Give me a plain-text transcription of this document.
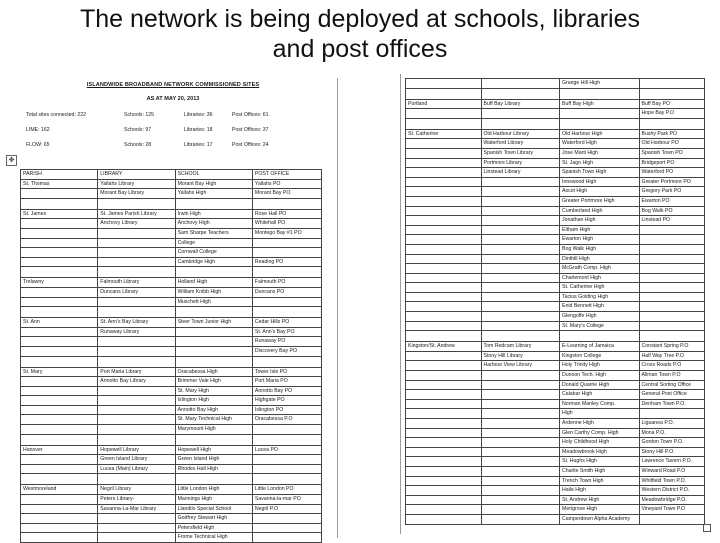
The network is being deployed at schools, libraries
and post offices
ISLANDWIDE BROADBAND NETWORK COMMISSIONED SITES
AS AT MAY 20, 2013
Total sites connected: 222	Schools: 125	Libraries: 36	Post Offices: 61
LIME: 162	Schools: 97	Libraries: 18	Post Offices: 37
FLOW: 65	Schools: 28	Libraries: 17	Post Offices: 24
PARISH	LIBRARY	SCHOOL	POST OFFICE
St. Thomas	Yallahs Library	Morant Bay High	Yallahs PO
	Morant Bay Library	Yallahs High	Morant Bay PO

St. James	St. James Parish Library	Irwin High	Rose Hall PO
	Anchovy Library	Anchovy High	Whitehall PO
		Sam Sharpe Teachers	Montego Bay #1 PO
		College	
		Cornwall College	
		Cambridge High	Reading PO

Trelawny	Falmouth Library	Holland High	Falmouth PO
	Duncans Library	William Knibb High	Duncans PO
		Muschett High	

St. Ann	St. Ann's Bay Library	Steer Town Junior High	Cedar Hills PO
	Runaway Library		St. Ann's Bay PO
			Runaway PO
			Discovery Bay PO

St. Mary	Port Maria Library	Oracabessa High	Tower Isle PO
	Annotto Bay Library	Brimmer Vale High	Port Maria PO
		St. Mary High	Annotto Bay PO
		Islington High	Highgate PO
		Annotto Bay High	Islington PO
		St. Mary Technical High	Oracabessa P.O
		Marymount High	

Hanover	Hopewell Library	Hopewell High	Lucea PO
	Green Island Library	Green Island High	
	Lucea (Main) Library	Rhodes Hall High	

Westmoreland	Negril Library	Little London High	Little London PO
	Peters Library-	Mannings High	Savanna-la-mar PO
	Savanna-La-Mar Library	Llandilo Special School	Negril P.O
		Godfrey Stewart High	
		Petersfield High	
		Frome Technical High	
✥
		Grange Hill High	

Portland	Buff Bay Library	Buff Bay High	Buff Bay PO
			Hope Bay P.O

St. Catherine	Old Harbour Library	Old Harbour High	Bushy Park PO
	Waterford Library	Waterford High	Old Harbour PO
	Spanish Town Library	Jose Marti High	Spanish Town PO
	Portmore Library	St. Jago High	Bridgeport PO
	Linstead Library	Spanish Town High	Waterford PO
		Innswood High	Greater Portmore PO
		Ascot High	Gregory Park PO
		Greater Portmore High	Ewarton PO
		Cumberland High	Bog Walk PO
		Jonathan High	Linstead PO
		Eltham High	
		Ewarton High	
		Bog Walk High	
		Dinthill High	
		McGrath Comp. High	
		Charlemont High	
		St. Catherine High	
		Tacius Golding High	
		Enid Bennett High	
		Glengoffe High	
		St. Mary's College	

Kingston/St. Andrew	Tom Redcam Library	E-Learning of Jamaica	Constant Spring P.O
	Stony Hill Library	Kingston College	Half Way Tree P.O
	Harbour View Library	Holy Trinity High	Cross Roads P.O
		Dunoon Tech. High	Allman Town P.O
		Donald Quarrie High	Central Sorting Office
		Calabar High	General Post Office
		Norman Manley Comp.	Denham Town P.O.
		High	
		Ardenne High	Liguanea P.O.
		Glen Carthy Comp. High	Mona P.O.
		Holy Childhood High	Gordon Town P.O.
		Meadowbrook High	Stony Hill P.O.
		St. Hughs High	Lawrence Tavern P.O.
		Charlie Smith High	Winward Road P.O
		Trench Town High	Whitfield Town P.O.
		Haile High	Western District P.O.
		St. Andrew High	Meadowbridge P.O.
		Merlgrove High	Vineyard Town P.O
		Camperdown Alpha Academy	
